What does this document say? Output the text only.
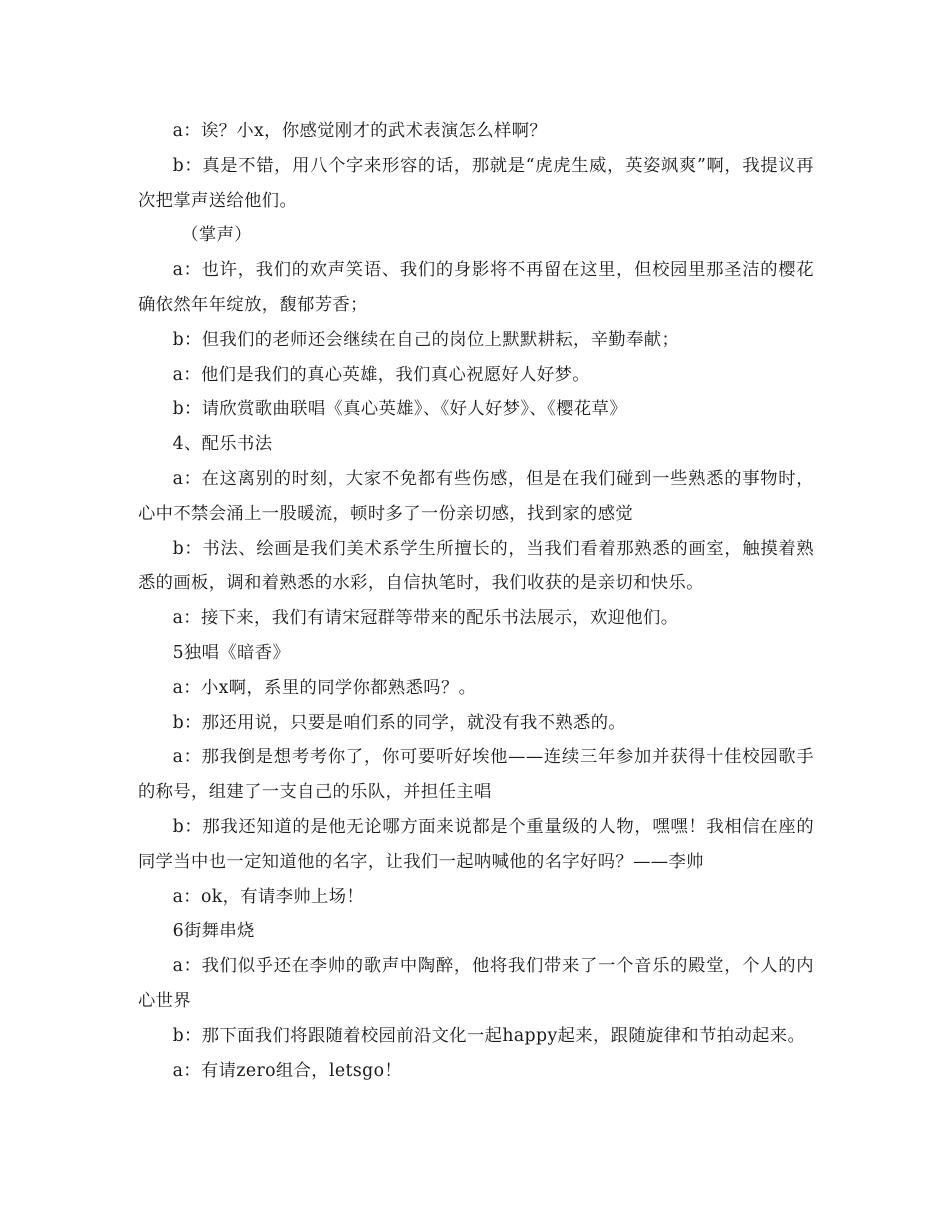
a：诶？小x，你感觉刚才的武术表演怎么样啊？

b：真是不错，用八个字来形容的话，那就是“虎虎生威，英姿飒爽”啊，我提议再次把掌声送给他们。

（掌声）

a：也许，我们的欢声笑语、我们的身影将不再留在这里，但校园里那圣洁的樱花确依然年年绽放，馥郁芳香；

b：但我们的老师还会继续在自己的岗位上默默耕耘，辛勤奉献；

a：他们是我们的真心英雄，我们真心祝愿好人好梦。

b：请欣赏歌曲联唱《真心英雄》、《好人好梦》、《樱花草》

4、配乐书法

a：在这离别的时刻，大家不免都有些伤感，但是在我们碰到一些熟悉的事物时，心中不禁会涌上一股暖流，顿时多了一份亲切感，找到家的感觉

b：书法、绘画是我们美术系学生所擅长的，当我们看着那熟悉的画室，触摸着熟悉的画板，调和着熟悉的水彩，自信执笔时，我们收获的是亲切和快乐。

a：接下来，我们有请宋冠群等带来的配乐书法展示，欢迎他们。

5独唱《暗香》

a：小x啊，系里的同学你都熟悉吗？。

b：那还用说，只要是咱们系的同学，就没有我不熟悉的。

a：那我倒是想考考你了，你可要听好埃他——连续三年参加并获得十佳校园歌手的称号，组建了一支自己的乐队，并担任主唱

b：那我还知道的是他无论哪方面来说都是个重量级的人物，嘿嘿！我相信在座的同学当中也一定知道他的名字，让我们一起呐喊他的名字好吗？——李帅

a：ok，有请李帅上场！

6街舞串烧

a：我们似乎还在李帅的歌声中陶醉，他将我们带来了一个音乐的殿堂，个人的内心世界

b：那下面我们将跟随着校园前沿文化一起happy起来，跟随旋律和节拍动起来。

a：有请zero组合，letsgo！
